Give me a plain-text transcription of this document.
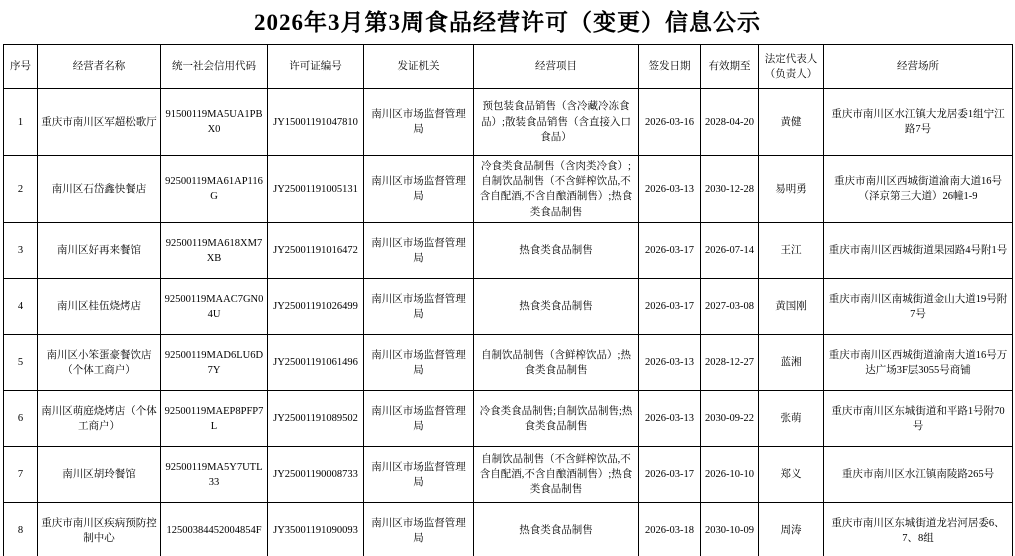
2026年3月第3周食品经营许可（变更）信息公示
序号	经营者名称	统一社会信用代码	许可证编号	发证机关	经营项目	签发日期	有效期至	法定代表人（负责人）	经营场所
1	重庆市南川区军超松歌厅	91500119MA5UA1PBX0	JY15001191047810	南川区市场监督管理局	预包装食品销售（含冷藏冷冻食品）;散装食品销售（含直接入口食品）	2026-03-16	2028-04-20	黄健	重庆市南川区水江镇大龙居委1组宁江路7号
2	南川区石岱鑫快餐店	92500119MA61AP116G	JY25001191005131	南川区市场监督管理局	冷食类食品制售（含肉类冷食）;自制饮品制售（不含鲜榨饮品,不含自配酒,不含自酿酒制售）;热食类食品制售	2026-03-13	2030-12-28	易明勇	重庆市南川区西城街道渝南大道16号（泽京第三大道）26幢1-9
3	南川区好再来餐馆	92500119MA618XM7XB	JY25001191016472	南川区市场监督管理局	热食类食品制售	2026-03-17	2026-07-14	王江	重庆市南川区西城街道果园路4号附1号
4	南川区桂伍烧烤店	92500119MAAC7GN04U	JY25001191026499	南川区市场监督管理局	热食类食品制售	2026-03-17	2027-03-08	黄国刚	重庆市南川区南城街道金山大道19号附7号
5	南川区小笨蛋豪餐饮店（个体工商户）	92500119MAD6LU6D7Y	JY25001191061496	南川区市场监督管理局	自制饮品制售（含鲜榨饮品）;热食类食品制售	2026-03-13	2028-12-27	蓝湘	重庆市南川区西城街道渝南大道16号万达广场3F层3055号商铺
6	南川区萌庭烧烤店（个体工商户）	92500119MAEP8PFP7L	JY25001191089502	南川区市场监督管理局	冷食类食品制售;自制饮品制售;热食类食品制售	2026-03-13	2030-09-22	张萌	重庆市南川区东城街道和平路1号附70号
7	南川区胡玲餐馆	92500119MA5Y7UTL33	JY25001190008733	南川区市场监督管理局	自制饮品制售（不含鲜榨饮品,不含自配酒,不含自酿酒制售）;热食类食品制售	2026-03-17	2026-10-10	郑义	重庆市南川区水江镇南陵路265号
8	重庆市南川区疾病预防控制中心	12500384452004854F	JY35001191090093	南川区市场监督管理局	热食类食品制售	2026-03-18	2030-10-09	周涛	重庆市南川区东城街道龙岩河居委6、7、8组
